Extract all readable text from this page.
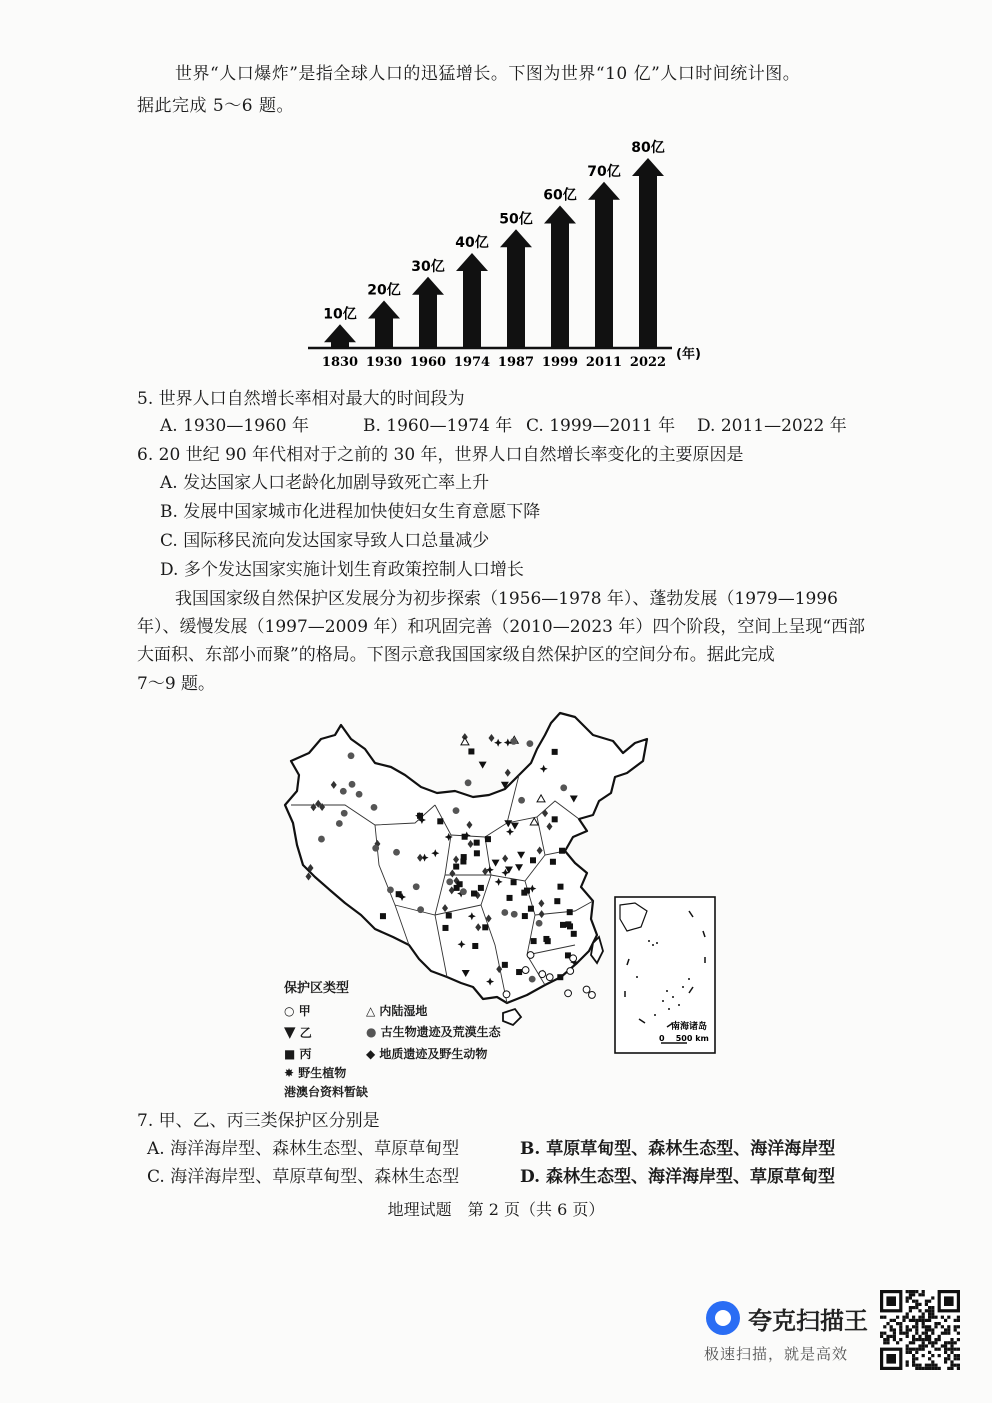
世界“人口爆炸”是指全球人口的迅猛增长。下图为世界“10 亿”人口时间统计图。
据此完成 5～6 题。
10亿
20亿
30亿
40亿
50亿
60亿
70亿
80亿
1830 1930 1960 1974 1987 1999 2011 2022
(年)
5. 世界人口自然增长率相对最大的时间段为
A. 1930—1960 年	B. 1960—1974 年 C. 1999—2011 年 D. 2011—2022 年
6. 20 世纪 90 年代相对于之前的 30 年，世界人口自然增长率变化的主要原因是
A. 发达国家人口老龄化加剧导致死亡率上升
B. 发展中国家城市化进程加快使妇女生育意愿下降
C. 国际移民流向发达国家导致人口总量减少
D. 多个发达国家实施计划生育政策控制人口增长
我国国家级自然保护区发展分为初步探索（1956—1978 年）、蓬勃发展（1979—1996
年）、缓慢发展（1997—2009 年）和巩固完善（2010—2023 年）四个阶段，空间上呈现“西部
大面积、东部小而聚”的格局。下图示意我国国家级自然保护区的空间分布。据此完成
7～9 题。
南海诸岛
0    500 km
保护区类型
○ 甲	△ 内陆湿地
▼ 乙	● 古生物遗迹及荒漠生态
■ 丙	◆ 地质遗迹及野生动物
✸ 野生植物
港澳台资料暂缺
7. 甲、乙、丙三类保护区分别是
A. 海洋海岸型、森林生态型、草原草甸型	B. 草原草甸型、森林生态型、海洋海岸型
C. 海洋海岸型、草原草甸型、森林生态型	D. 森林生态型、海洋海岸型、草原草甸型
地理试题　第 2 页（共 6 页）
夸克扫描王
极速扫描，就是高效
